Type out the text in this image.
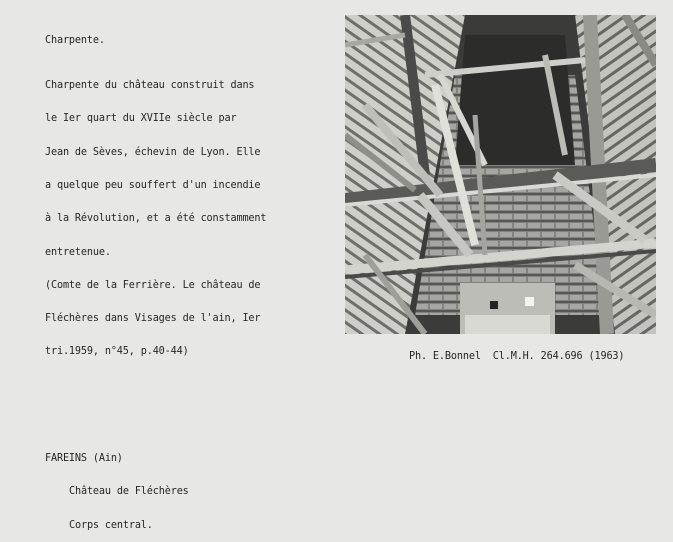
Charpente.

Charpente du château construit dans

le Ier quart du XVIIe siècle par

Jean de Sèves, échevin de Lyon. Elle

a quelque peu souffert d'un incendie

à la Révolution, et a été constamment

entretenue.

(Comte de la Ferrière. Le château de

Fléchères dans Visages de l'ain, Ier

tri.1959, n°45, p.40-44)	Ph. E.Bonnel  Cl.M.H. 264.696 (1963)

FAREINS (Ain)

Château de Fléchères

Corps central.
